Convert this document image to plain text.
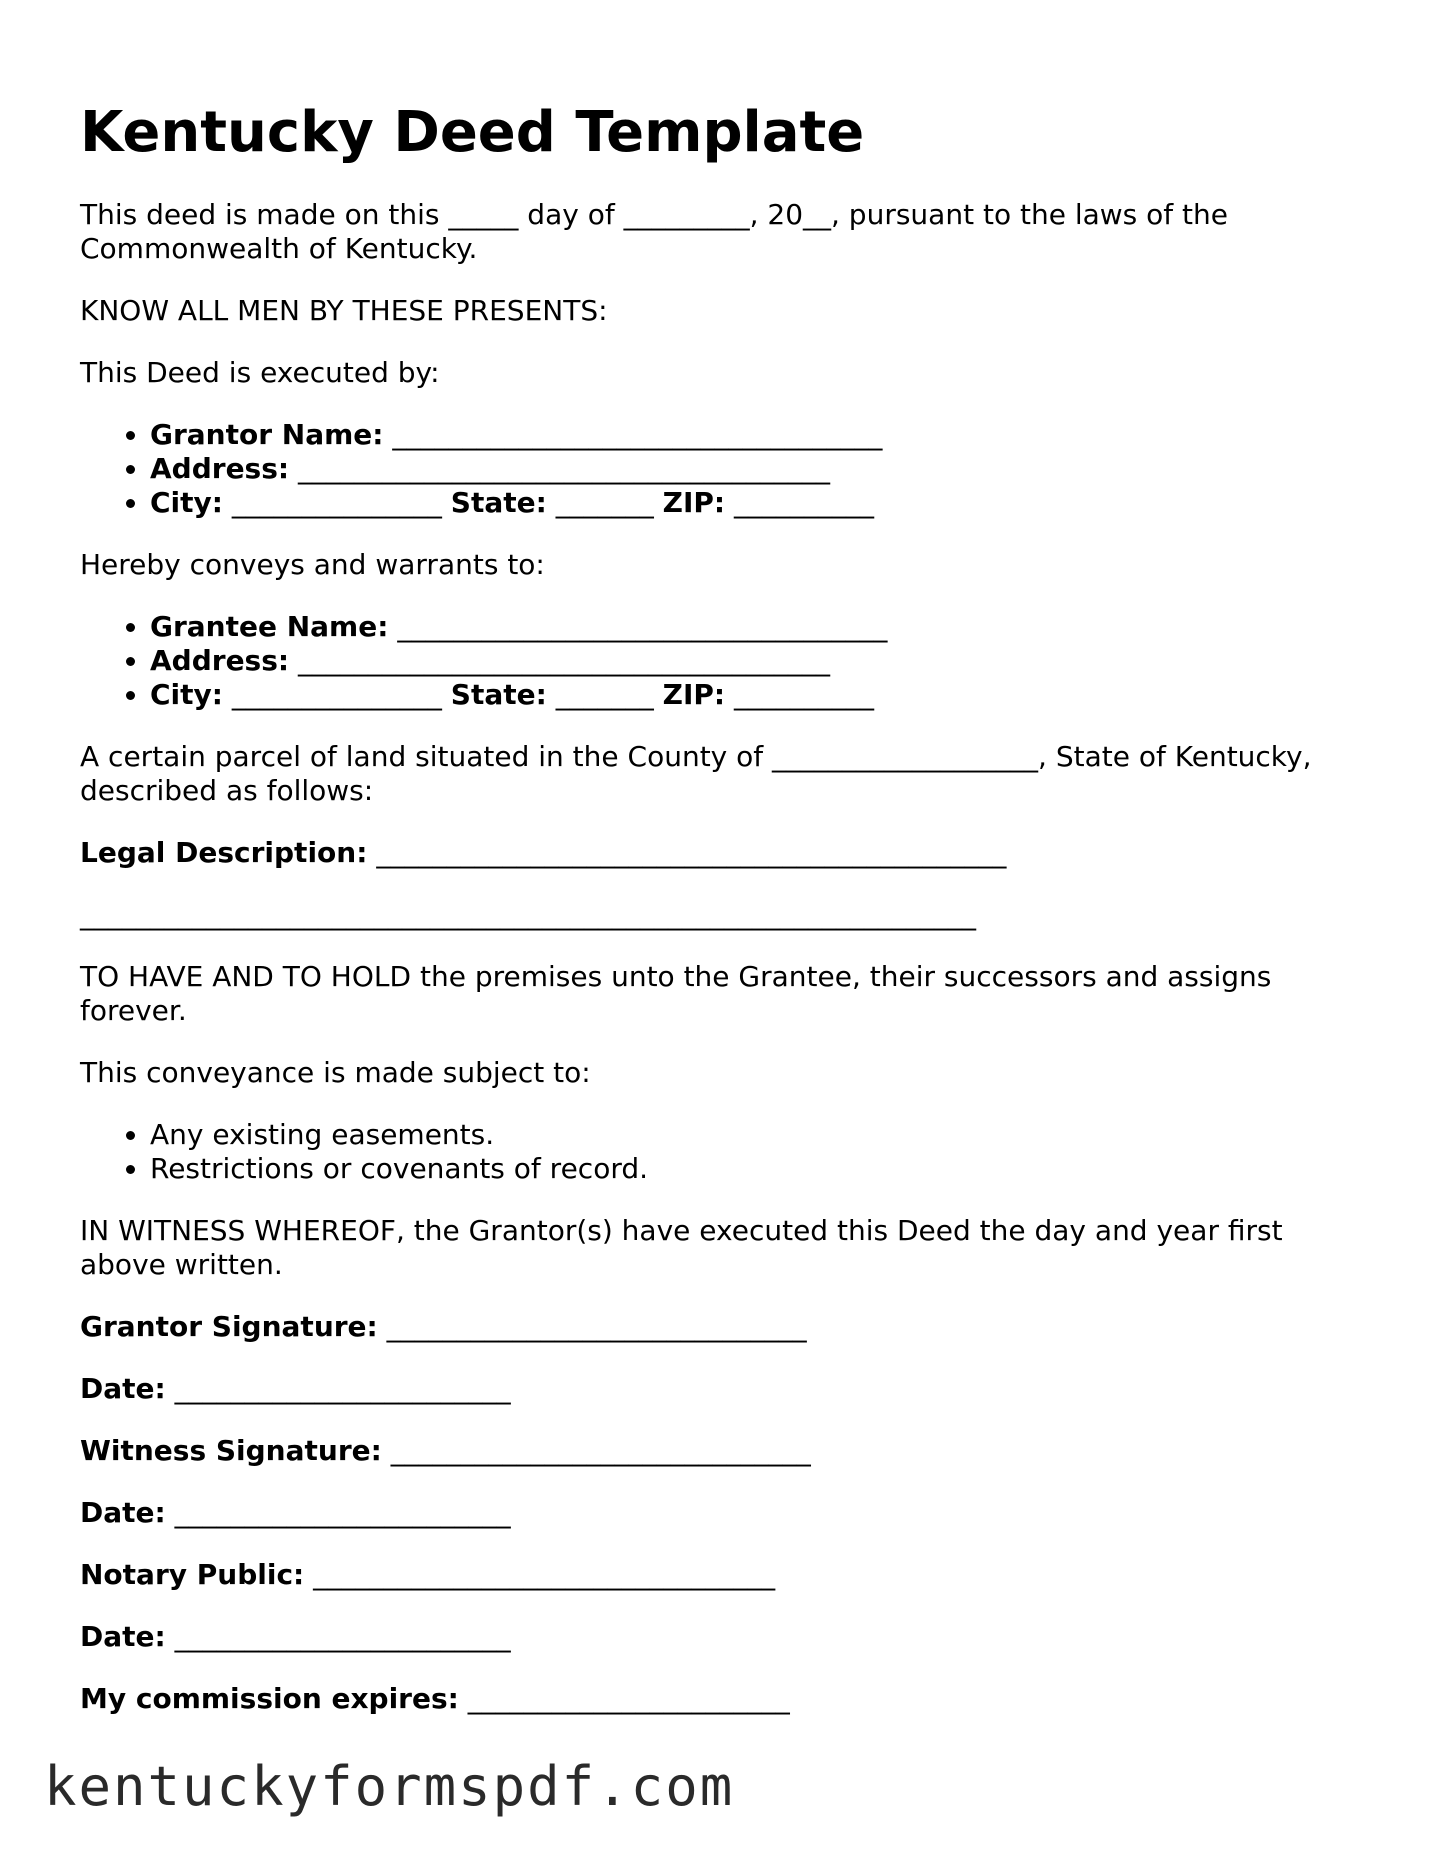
Kentucky Deed Template

This deed is made on this _____ day of _________, 20__, pursuant to the laws of the Commonwealth of Kentucky.

KNOW ALL MEN BY THESE PRESENTS:

This Deed is executed by:

• Grantor Name: ___________________________________
• Address: ______________________________________
• City: _______________ State: _______ ZIP: __________

Hereby conveys and warrants to:

• Grantee Name: ___________________________________
• Address: ______________________________________
• City: _______________ State: _______ ZIP: __________

A certain parcel of land situated in the County of ___________________, State of Kentucky, described as follows:

Legal Description: _____________________________________________

________________________________________________________________

TO HAVE AND TO HOLD the premises unto the Grantee, their successors and assigns forever.

This conveyance is made subject to:

• Any existing easements.
• Restrictions or covenants of record.

IN WITNESS WHEREOF, the Grantor(s) have executed this Deed the day and year first above written.

Grantor Signature: ______________________________

Date: ________________________

Witness Signature: ______________________________

Date: ________________________

Notary Public: _________________________________

Date: ________________________

My commission expires: _______________________

kentuckyformspdf.com
